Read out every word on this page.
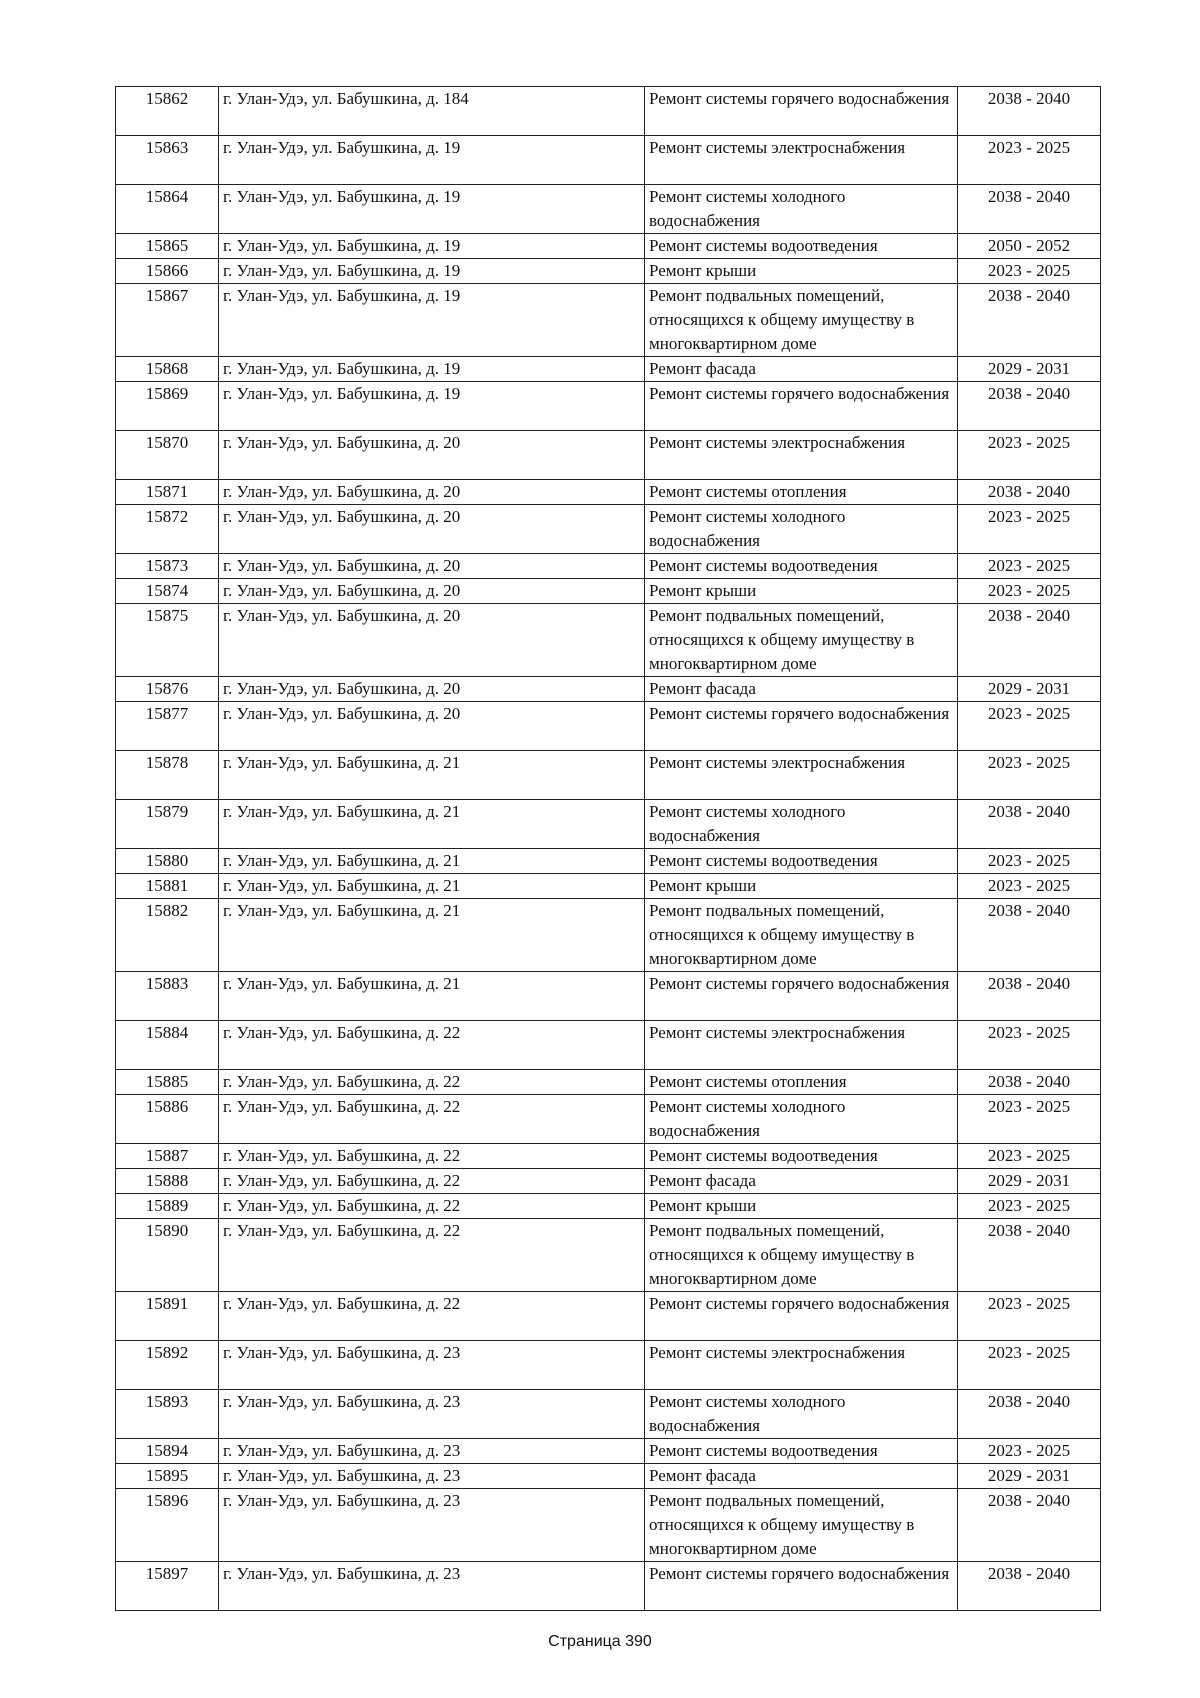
15862	г. Улан-Удэ, ул. Бабушкина, д. 184	Ремонт системы горячего водоснабжения	2038 - 2040
15863	г. Улан-Удэ, ул. Бабушкина, д. 19	Ремонт системы электроснабжения	2023 - 2025
15864	г. Улан-Удэ, ул. Бабушкина, д. 19	Ремонт системы холодного водоснабжения	2038 - 2040
15865	г. Улан-Удэ, ул. Бабушкина, д. 19	Ремонт системы водоотведения	2050 - 2052
15866	г. Улан-Удэ, ул. Бабушкина, д. 19	Ремонт крыши	2023 - 2025
15867	г. Улан-Удэ, ул. Бабушкина, д. 19	Ремонт подвальных помещений, относящихся к общему имуществу в многоквартирном доме	2038 - 2040
15868	г. Улан-Удэ, ул. Бабушкина, д. 19	Ремонт фасада	2029 - 2031
15869	г. Улан-Удэ, ул. Бабушкина, д. 19	Ремонт системы горячего водоснабжения	2038 - 2040
15870	г. Улан-Удэ, ул. Бабушкина, д. 20	Ремонт системы электроснабжения	2023 - 2025
15871	г. Улан-Удэ, ул. Бабушкина, д. 20	Ремонт системы отопления	2038 - 2040
15872	г. Улан-Удэ, ул. Бабушкина, д. 20	Ремонт системы холодного водоснабжения	2023 - 2025
15873	г. Улан-Удэ, ул. Бабушкина, д. 20	Ремонт системы водоотведения	2023 - 2025
15874	г. Улан-Удэ, ул. Бабушкина, д. 20	Ремонт крыши	2023 - 2025
15875	г. Улан-Удэ, ул. Бабушкина, д. 20	Ремонт подвальных помещений, относящихся к общему имуществу в многоквартирном доме	2038 - 2040
15876	г. Улан-Удэ, ул. Бабушкина, д. 20	Ремонт фасада	2029 - 2031
15877	г. Улан-Удэ, ул. Бабушкина, д. 20	Ремонт системы горячего водоснабжения	2023 - 2025
15878	г. Улан-Удэ, ул. Бабушкина, д. 21	Ремонт системы электроснабжения	2023 - 2025
15879	г. Улан-Удэ, ул. Бабушкина, д. 21	Ремонт системы холодного водоснабжения	2038 - 2040
15880	г. Улан-Удэ, ул. Бабушкина, д. 21	Ремонт системы водоотведения	2023 - 2025
15881	г. Улан-Удэ, ул. Бабушкина, д. 21	Ремонт крыши	2023 - 2025
15882	г. Улан-Удэ, ул. Бабушкина, д. 21	Ремонт подвальных помещений, относящихся к общему имуществу в многоквартирном доме	2038 - 2040
15883	г. Улан-Удэ, ул. Бабушкина, д. 21	Ремонт системы горячего водоснабжения	2038 - 2040
15884	г. Улан-Удэ, ул. Бабушкина, д. 22	Ремонт системы электроснабжения	2023 - 2025
15885	г. Улан-Удэ, ул. Бабушкина, д. 22	Ремонт системы отопления	2038 - 2040
15886	г. Улан-Удэ, ул. Бабушкина, д. 22	Ремонт системы холодного водоснабжения	2023 - 2025
15887	г. Улан-Удэ, ул. Бабушкина, д. 22	Ремонт системы водоотведения	2023 - 2025
15888	г. Улан-Удэ, ул. Бабушкина, д. 22	Ремонт фасада	2029 - 2031
15889	г. Улан-Удэ, ул. Бабушкина, д. 22	Ремонт крыши	2023 - 2025
15890	г. Улан-Удэ, ул. Бабушкина, д. 22	Ремонт подвальных помещений, относящихся к общему имуществу в многоквартирном доме	2038 - 2040
15891	г. Улан-Удэ, ул. Бабушкина, д. 22	Ремонт системы горячего водоснабжения	2023 - 2025
15892	г. Улан-Удэ, ул. Бабушкина, д. 23	Ремонт системы электроснабжения	2023 - 2025
15893	г. Улан-Удэ, ул. Бабушкина, д. 23	Ремонт системы холодного водоснабжения	2038 - 2040
15894	г. Улан-Удэ, ул. Бабушкина, д. 23	Ремонт системы водоотведения	2023 - 2025
15895	г. Улан-Удэ, ул. Бабушкина, д. 23	Ремонт фасада	2029 - 2031
15896	г. Улан-Удэ, ул. Бабушкина, д. 23	Ремонт подвальных помещений, относящихся к общему имуществу в многоквартирном доме	2038 - 2040
15897	г. Улан-Удэ, ул. Бабушкина, д. 23	Ремонт системы горячего водоснабжения	2038 - 2040
Страница 390
